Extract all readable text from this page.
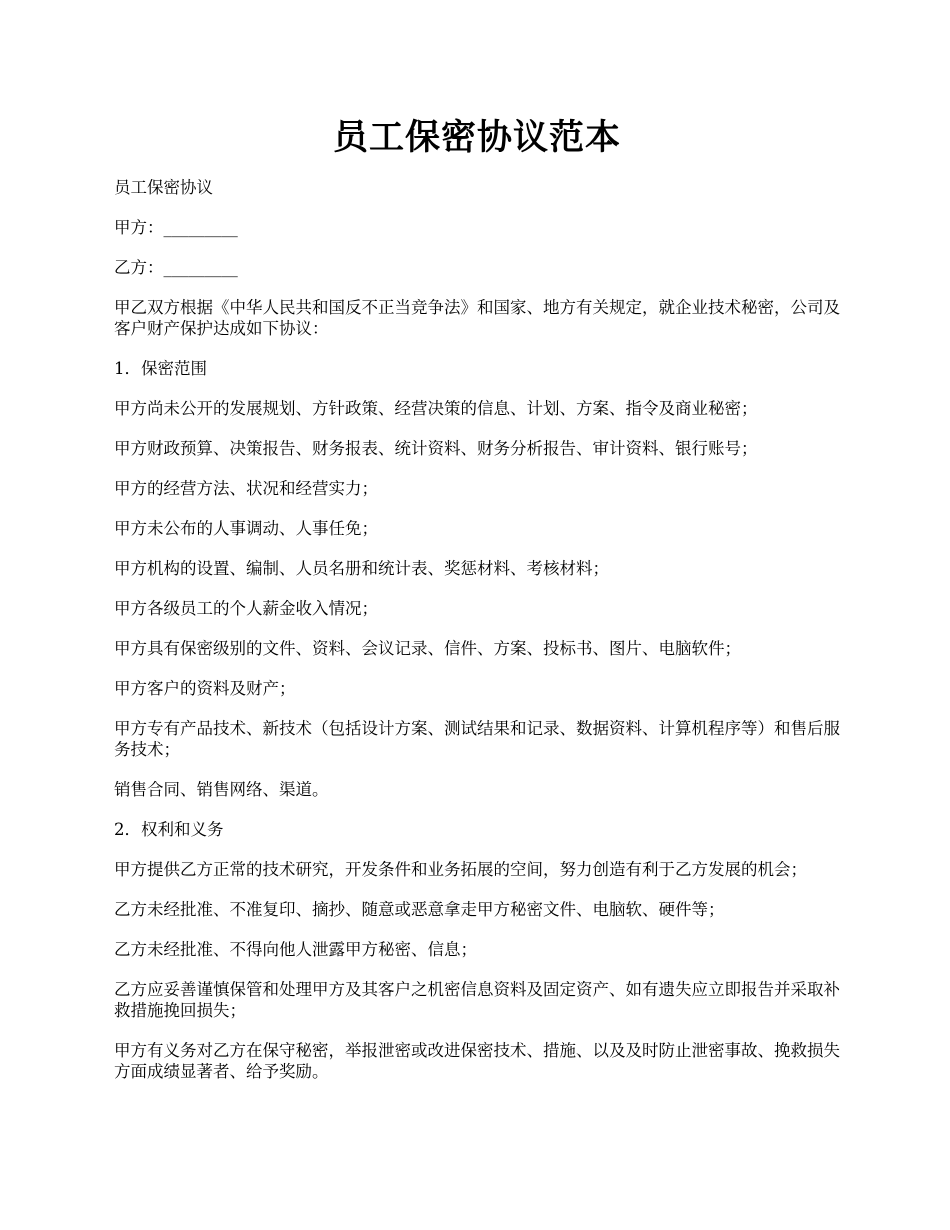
员工保密协议范本

员工保密协议

甲方：_________

乙方：_________

甲乙双方根据《中华人民共和国反不正当竞争法》和国家、地方有关规定，就企业技术秘密，公司及客户财产保护达成如下协议：

1．保密范围

甲方尚未公开的发展规划、方针政策、经营决策的信息、计划、方案、指令及商业秘密；

甲方财政预算、决策报告、财务报表、统计资料、财务分析报告、审计资料、银行账号；

甲方的经营方法、状况和经营实力；

甲方未公布的人事调动、人事任免；

甲方机构的设置、编制、人员名册和统计表、奖惩材料、考核材料；

甲方各级员工的个人薪金收入情况；

甲方具有保密级别的文件、资料、会议记录、信件、方案、投标书、图片、电脑软件；

甲方客户的资料及财产；

甲方专有产品技术、新技术（包括设计方案、测试结果和记录、数据资料、计算机程序等）和售后服务技术；

销售合同、销售网络、渠道。

2．权利和义务

甲方提供乙方正常的技术研究，开发条件和业务拓展的空间，努力创造有利于乙方发展的机会；

乙方未经批准、不准复印、摘抄、随意或恶意拿走甲方秘密文件、电脑软、硬件等；

乙方未经批准、不得向他人泄露甲方秘密、信息；

乙方应妥善谨慎保管和处理甲方及其客户之机密信息资料及固定资产、如有遗失应立即报告并采取补救措施挽回损失；

甲方有义务对乙方在保守秘密，举报泄密或改进保密技术、措施、以及及时防止泄密事故、挽救损失方面成绩显著者、给予奖励。
